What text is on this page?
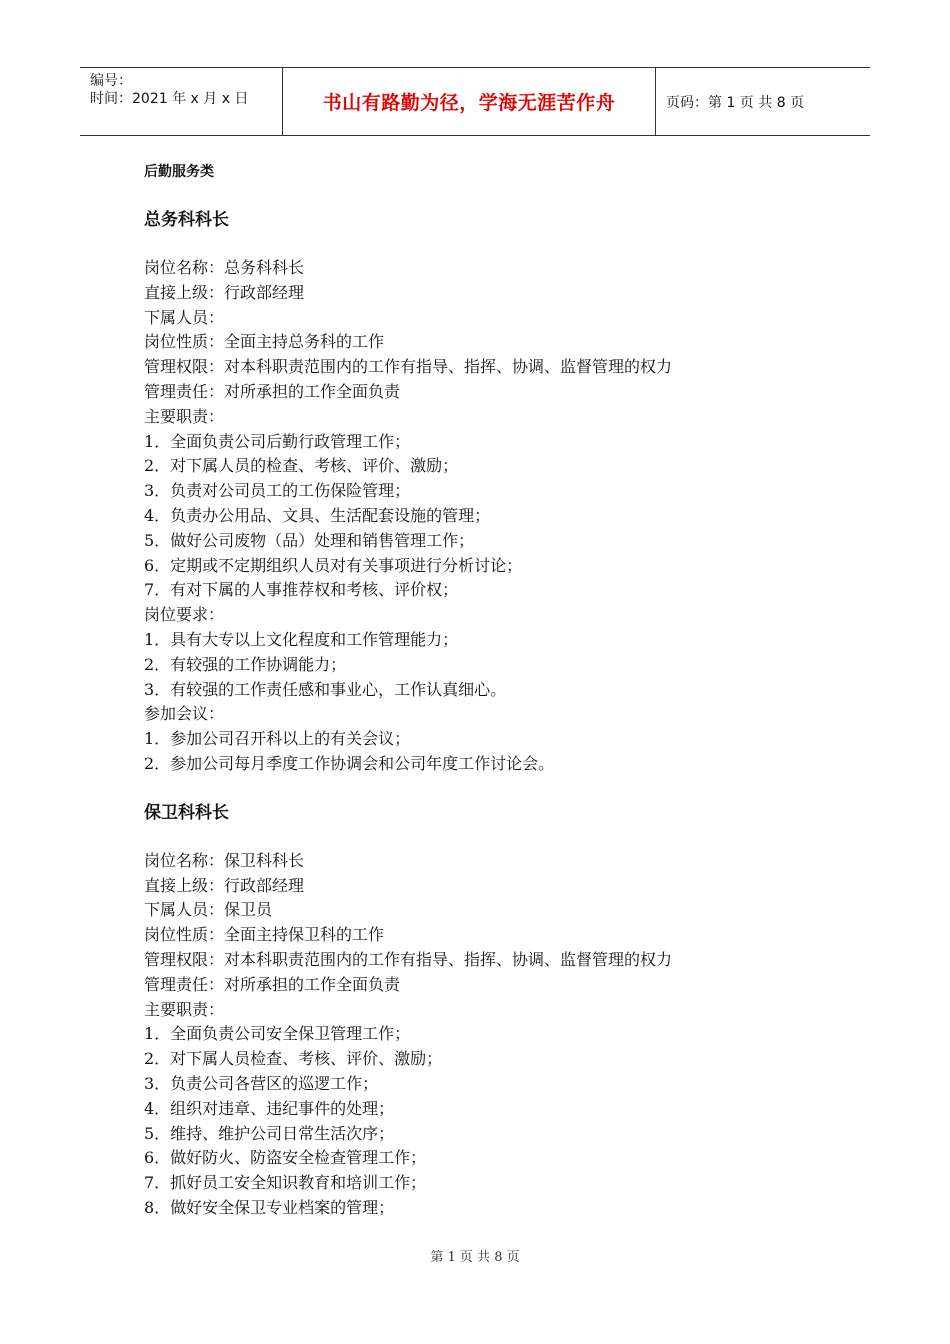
编号：
时间：2021 年 x 月 x 日	书山有路勤为径，学海无涯苦作舟	页码：第 1 页 共 8 页
后勤服务类
总务科科长
岗位名称：总务科科长
直接上级：行政部经理
下属人员：
岗位性质：全面主持总务科的工作
管理权限：对本科职责范围内的工作有指导、指挥、协调、监督管理的权力
管理责任：对所承担的工作全面负责
主要职责：
1．全面负责公司后勤行政管理工作；
2．对下属人员的检查、考核、评价、激励；
3．负责对公司员工的工伤保险管理；
4．负责办公用品、文具、生活配套设施的管理；
5．做好公司废物（品）处理和销售管理工作；
6．定期或不定期组织人员对有关事项进行分析讨论；
7．有对下属的人事推荐权和考核、评价权；
岗位要求：
1．具有大专以上文化程度和工作管理能力；
2．有较强的工作协调能力；
3．有较强的工作责任感和事业心，工作认真细心。
参加会议：
1．参加公司召开科以上的有关会议；
2．参加公司每月季度工作协调会和公司年度工作讨论会。
保卫科科长
岗位名称：保卫科科长
直接上级：行政部经理
下属人员：保卫员
岗位性质：全面主持保卫科的工作
管理权限：对本科职责范围内的工作有指导、指挥、协调、监督管理的权力
管理责任：对所承担的工作全面负责
主要职责：
1．全面负责公司安全保卫管理工作；
2．对下属人员检查、考核、评价、激励；
3．负责公司各营区的巡逻工作；
4．组织对违章、违纪事件的处理；
5．维持、维护公司日常生活次序；
6．做好防火、防盗安全检查管理工作；
7．抓好员工安全知识教育和培训工作；
8．做好安全保卫专业档案的管理；
第 1 页 共 8 页
